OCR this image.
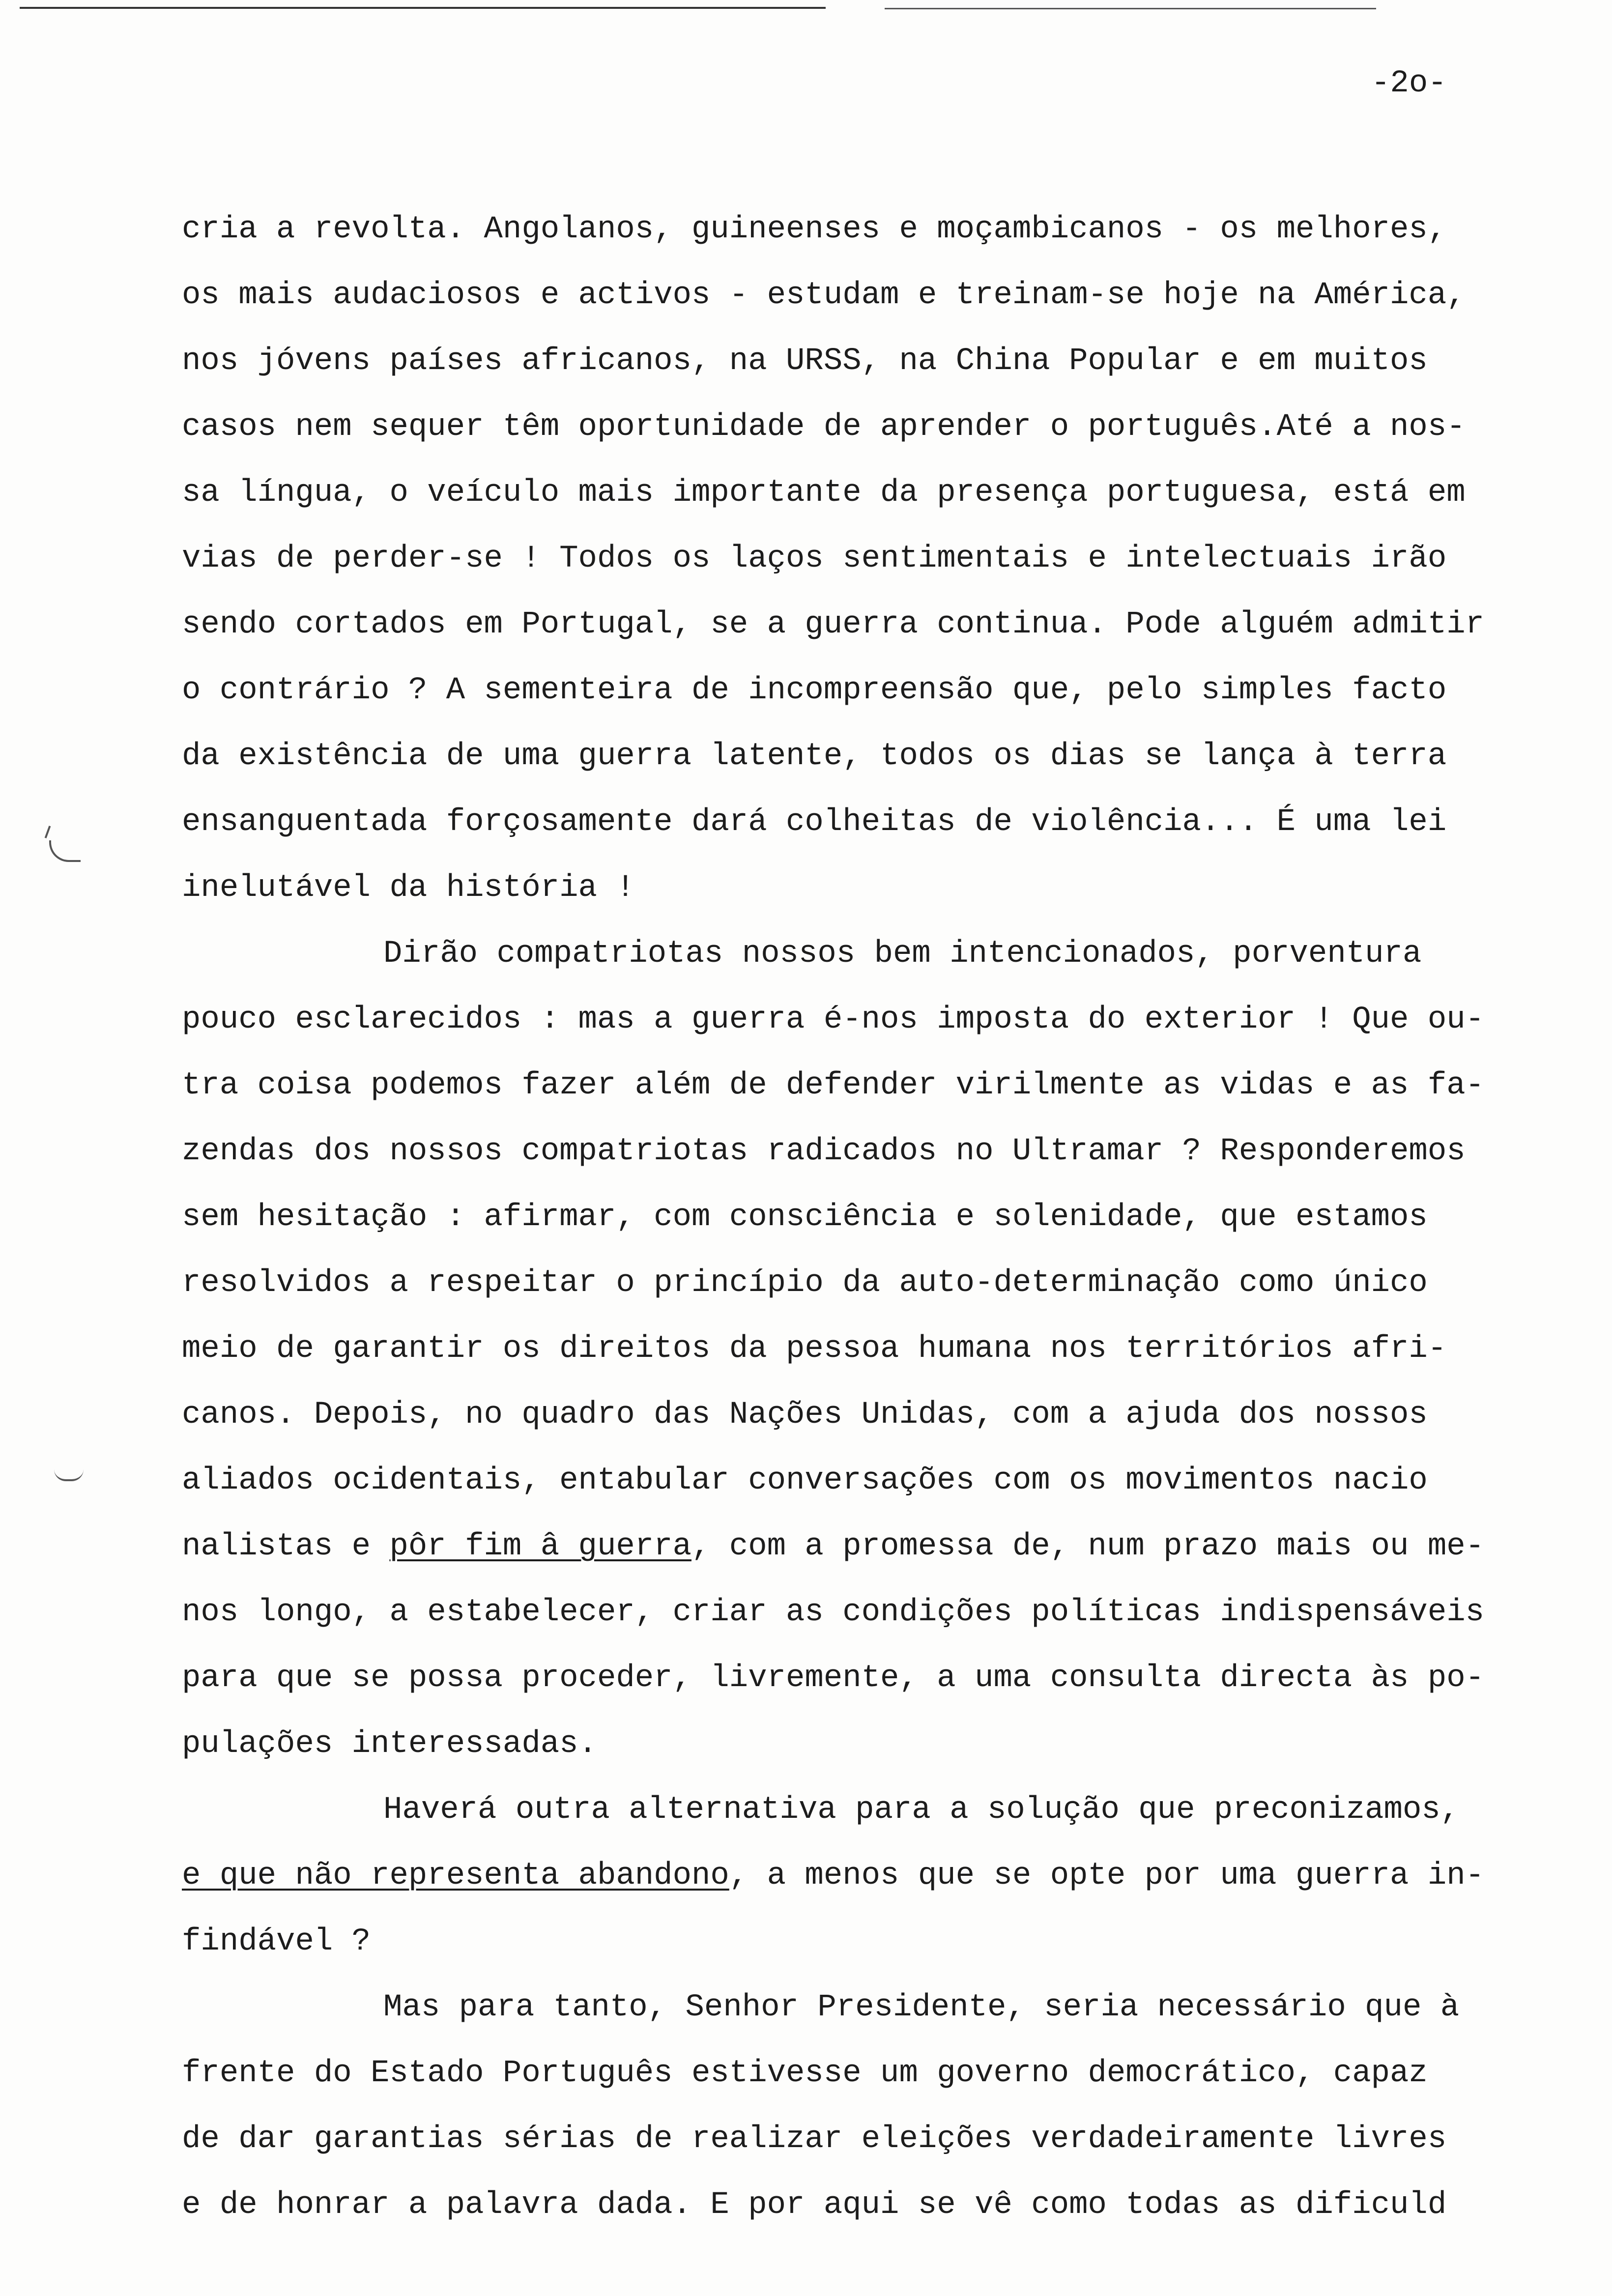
-2o-
cria a revolta. Angolanos, guineenses e moçambicanos - os melhores,
os mais audaciosos e activos - estudam e treinam-se hoje na América,
nos jóvens países africanos, na URSS, na China Popular e em muitos
casos nem sequer têm oportunidade de aprender o português.Até a nos-
sa língua, o veículo mais importante da presença portuguesa, está em
vias de perder-se ! Todos os laços sentimentais e intelectuais irão
sendo cortados em Portugal, se a guerra continua. Pode alguém admitir
o contrário ? A sementeira de incompreensão que, pelo simples facto
da existência de uma guerra latente, todos os dias se lança à terra
ensanguentada forçosamente dará colheitas de violência... É uma lei
inelutável da história !
Dirão compatriotas nossos bem intencionados, porventura
pouco esclarecidos : mas a guerra é-nos imposta do exterior ! Que ou-
tra coisa podemos fazer além de defender virilmente as vidas e as fa-
zendas dos nossos compatriotas radicados no Ultramar ? Responderemos
sem hesitação : afirmar, com consciência e solenidade, que estamos
resolvidos a respeitar o princípio da auto-determinação como único
meio de garantir os direitos da pessoa humana nos territórios afri-
canos. Depois, no quadro das Nações Unidas, com a ajuda dos nossos
aliados ocidentais, entabular conversações com os movimentos nacio
nalistas e pôr fim â guerra, com a promessa de, num prazo mais ou me-
nos longo, a estabelecer, criar as condições políticas indispensáveis
para que se possa proceder, livremente, a uma consulta directa às po-
pulações interessadas.
Haverá outra alternativa para a solução que preconizamos,
e que não representa abandono, a menos que se opte por uma guerra in-
findável ?
Mas para tanto, Senhor Presidente, seria necessário que à
frente do Estado Português estivesse um governo democrático, capaz
de dar garantias sérias de realizar eleições verdadeiramente livres
e de honrar a palavra dada. E por aqui se vê como todas as dificuld
